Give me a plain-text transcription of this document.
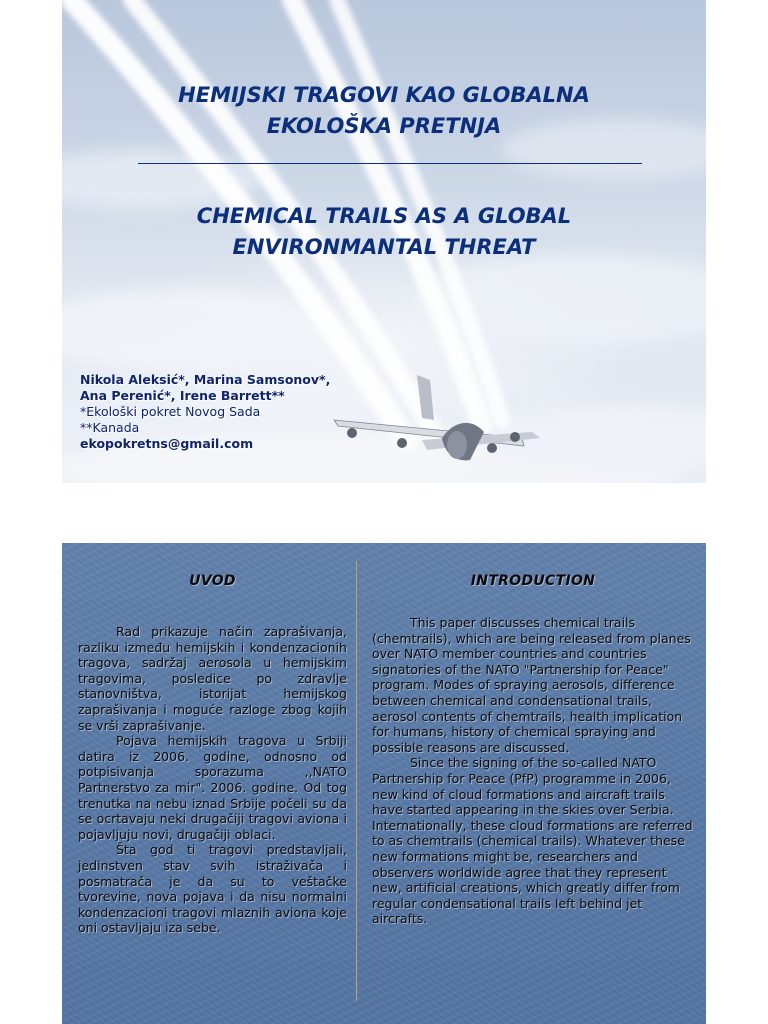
HEMIJSKI TRAGOVI KAO GLOBALNA
EKOLOŠKA PRETNJA
CHEMICAL TRAILS AS A GLOBAL
ENVIRONMANTAL THREAT
Nikola Aleksić*, Marina Samsonov*,
Ana Perenić*, Irene Barrett**
*Ekološki pokret Novog Sada
**Kanada
ekopokretns@gmail.com
UVOD	INTRODUCTION

Rad prikazuje način zaprašivanja, razliku između hemijskih i kondenzacionih tragova, sadržaj aerosola u hemijskim tragovima, posledice po zdravlje stanovništva, istorijat hemijskog zaprašivanja i moguće razloge zbog kojih se vrši zaprašivanje.

Pojava hemijskih tragova u Srbiji datira iz 2006. godine, odnosno od potpisivanja sporazuma ,,NATO Partnerstvo za mir". 2006. godine. Od tog trenutka na nebu iznad Srbije počeli su da se ocrtavaju neki drugačiji tragovi aviona i pojavljuju novi, drugačiji oblaci.

Šta god ti tragovi predstavljali, jedinstven stav svih istraživača i posmatrača je da su to veštačke tvorevine, nova pojava i da nisu normalni kondenzacioni tragovi mlaznih aviona koje oni ostavljaju iza sebe.

This paper discusses chemical trails (chemtrails), which are being released from planes over NATO member countries and countries signatories of the NATO "Partnership for Peace" program. Modes of spraying aerosols, difference between chemical and condensational trails, aerosol contents of chemtrails, health implication for humans, history of chemical spraying and possible reasons are discussed.

Since the signing of the so-called NATO Partnership for Peace (PfP) programme in 2006, new kind of cloud formations and aircraft trails have started appearing in the skies over Serbia. Internationally, these cloud formations are referred to as chemtrails (chemical trails). Whatever these new formations might be, researchers and observers worldwide agree that they represent new, artificial creations, which greatly differ from regular condensational trails left behind jet aircrafts.
